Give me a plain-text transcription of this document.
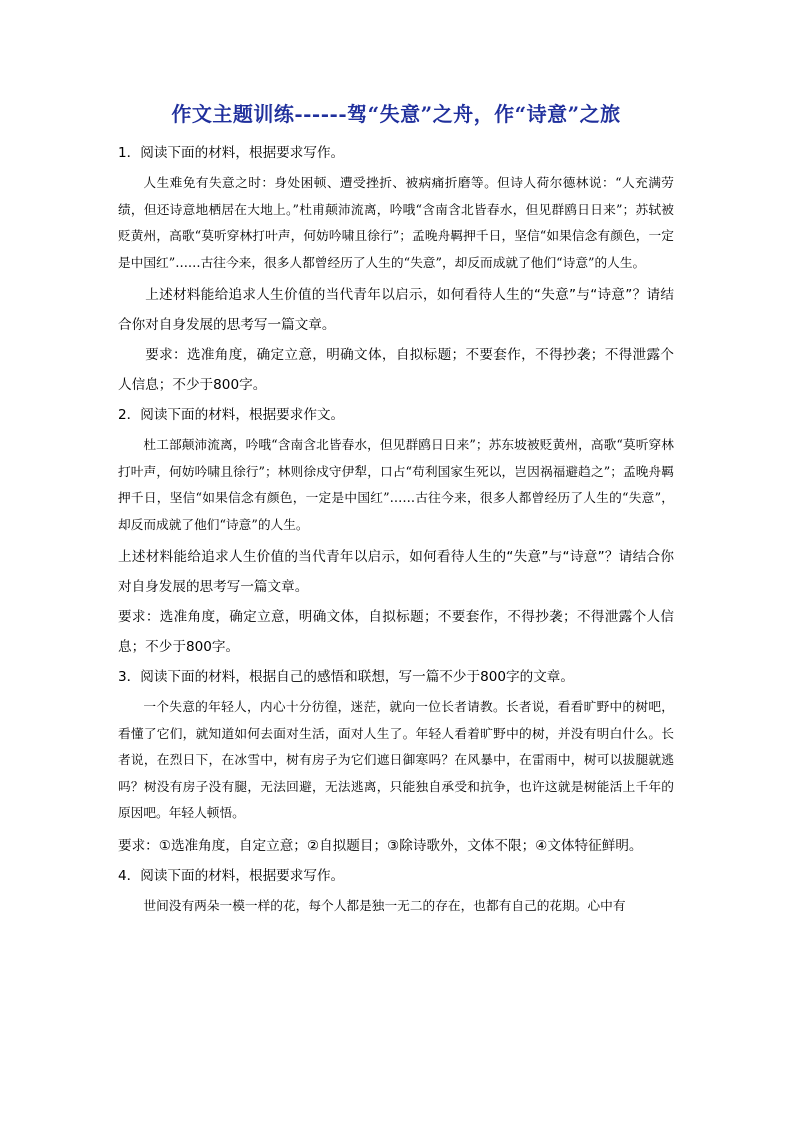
作文主题训练------驾“失意”之舟，作“诗意”之旅

1．阅读下面的材料，根据要求写作。

人生难免有失意之时：身处困顿、遭受挫折、被病痛折磨等。但诗人荷尔德林说：“人充满劳绩，但还诗意地栖居在大地上。”杜甫颠沛流离，吟哦“含南含北皆春水，但见群鸥日日来”；苏轼被贬黄州，高歌“莫听穿林打叶声，何妨吟啸且徐行”；孟晚舟羁押千日，坚信“如果信念有颜色，一定是中国红”……古往今来，很多人都曾经历了人生的“失意”，却反而成就了他们“诗意”的人生。

上述材料能给追求人生价值的当代青年以启示，如何看待人生的“失意”与“诗意”？请结合你对自身发展的思考写一篇文章。

要求：选准角度，确定立意，明确文体，自拟标题；不要套作，不得抄袭；不得泄露个人信息；不少于800字。

2．阅读下面的材料，根据要求作文。

杜工部颠沛流离，吟哦“含南含北皆春水，但见群鸥日日来”；苏东坡被贬黄州，高歌“莫听穿林打叶声，何妨吟啸且徐行”；林则徐戍守伊犁，口占“苟利国家生死以，岂因祸福避趋之”；孟晚舟羁押千日，坚信“如果信念有颜色，一定是中国红”……古往今来，很多人都曾经历了人生的“失意”，却反而成就了他们“诗意”的人生。

上述材料能给追求人生价值的当代青年以启示，如何看待人生的“失意”与“诗意”？请结合你对自身发展的思考写一篇文章。

要求：选准角度，确定立意，明确文体，自拟标题；不要套作，不得抄袭；不得泄露个人信息；不少于800字。

3．阅读下面的材料，根据自己的感悟和联想，写一篇不少于800字的文章。

一个失意的年轻人，内心十分彷徨，迷茫，就向一位长者请教。长者说，看看旷野中的树吧，看懂了它们，就知道如何去面对生活，面对人生了。年轻人看着旷野中的树，并没有明白什么。长者说，在烈日下，在冰雪中，树有房子为它们遮日御寒吗？在风暴中，在雷雨中，树可以拔腿就逃吗？树没有房子没有腿，无法回避，无法逃离，只能独自承受和抗争，也许这就是树能活上千年的原因吧。年轻人顿悟。

要求：①选准角度，自定立意；②自拟题目；③除诗歌外，文体不限；④文体特征鲜明。

4．阅读下面的材料，根据要求写作。

世间没有两朵一模一样的花，每个人都是独一无二的存在，也都有自己的花期。心中有
